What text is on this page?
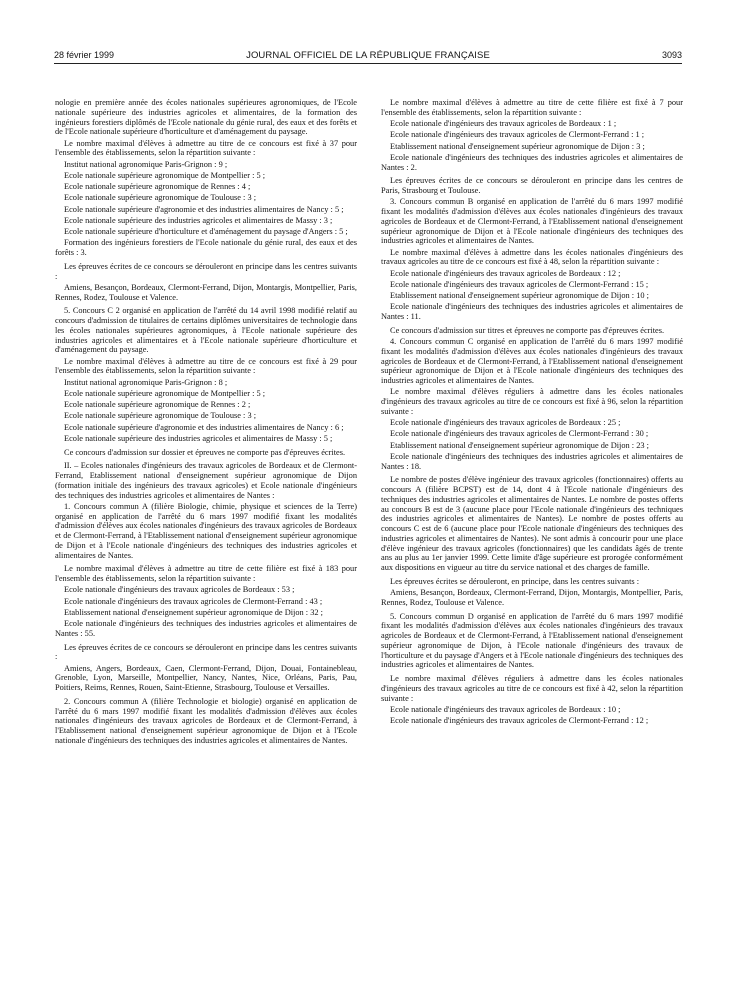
28 février 1999	JOURNAL OFFICIEL DE LA RÉPUBLIQUE FRANÇAISE	3093

nologie en première année des écoles nationales supérieures agronomiques, de l'Ecole nationale supérieure des industries agricoles et alimentaires, de la formation des ingénieurs forestiers diplômés de l'Ecole nationale du génie rural, des eaux et des forêts et de l'Ecole nationale supérieure d'horticulture et d'aménagement du paysage.

Le nombre maximal d'élèves à admettre au titre de ce concours est fixé à 37 pour l'ensemble des établissements, selon la répartition suivante :

Institut national agronomique Paris-Grignon : 9 ;

Ecole nationale supérieure agronomique de Montpellier : 5 ;

Ecole nationale supérieure agronomique de Rennes : 4 ;

Ecole nationale supérieure agronomique de Toulouse : 3 ;

Ecole nationale supérieure d'agronomie et des industries alimentaires de Nancy : 5 ;

Ecole nationale supérieure des industries agricoles et alimentaires de Massy : 3 ;

Ecole nationale supérieure d'horticulture et d'aménagement du paysage d'Angers : 5 ;

Formation des ingénieurs forestiers de l'Ecole nationale du génie rural, des eaux et des forêts : 3.

Les épreuves écrites de ce concours se dérouleront en principe dans les centres suivants :

Amiens, Besançon, Bordeaux, Clermont-Ferrand, Dijon, Montargis, Montpellier, Paris, Rennes, Rodez, Toulouse et Valence.

5. Concours C 2 organisé en application de l'arrêté du 14 avril 1998 modifié relatif au concours d'admission de titulaires de certains diplômes universitaires de technologie dans les écoles nationales supérieures agronomiques, à l'Ecole nationale supérieure des industries agricoles et alimentaires et à l'Ecole nationale supérieure d'horticulture et d'aménagement du paysage.

Le nombre maximal d'élèves à admettre au titre de ce concours est fixé à 29 pour l'ensemble des établissements, selon la répartition suivante :

Institut national agronomique Paris-Grignon : 8 ;

Ecole nationale supérieure agronomique de Montpellier : 5 ;

Ecole nationale supérieure agronomique de Rennes : 2 ;

Ecole nationale supérieure agronomique de Toulouse : 3 ;

Ecole nationale supérieure d'agronomie et des industries alimentaires de Nancy : 6 ;

Ecole nationale supérieure des industries agricoles et alimentaires de Massy : 5 ;

Ce concours d'admission sur dossier et épreuves ne comporte pas d'épreuves écrites.

II. – Ecoles nationales d'ingénieurs des travaux agricoles de Bordeaux et de Clermont-Ferrand, Etablissement national d'enseignement supérieur agronomique de Dijon (formation initiale des ingénieurs des travaux agricoles) et Ecole nationale d'ingénieurs des techniques des industries agricoles et alimentaires de Nantes :

1. Concours commun A (filière Biologie, chimie, physique et sciences de la Terre) organisé en application de l'arrêté du 6 mars 1997 modifié fixant les modalités d'admission d'élèves aux écoles nationales d'ingénieurs des travaux agricoles de Bordeaux et de Clermont-Ferrand, à l'Etablissement national d'enseignement supérieur agronomique de Dijon et à l'Ecole nationale d'ingénieurs des techniques des industries agricoles et alimentaires de Nantes.

Le nombre maximal d'élèves à admettre au titre de cette filière est fixé à 183 pour l'ensemble des établissements, selon la répartition suivante :

Ecole nationale d'ingénieurs des travaux agricoles de Bordeaux : 53 ;

Ecole nationale d'ingénieurs des travaux agricoles de Clermont-Ferrand : 43 ;

Etablissement national d'enseignement supérieur agronomique de Dijon : 32 ;

Ecole nationale d'ingénieurs des techniques des industries agricoles et alimentaires de Nantes : 55.

Les épreuves écrites de ce concours se dérouleront en principe dans les centres suivants :

Amiens, Angers, Bordeaux, Caen, Clermont-Ferrand, Dijon, Douai, Fontainebleau, Grenoble, Lyon, Marseille, Montpellier, Nancy, Nantes, Nice, Orléans, Paris, Pau, Poitiers, Reims, Rennes, Rouen, Saint-Etienne, Strasbourg, Toulouse et Versailles.

2. Concours commun A (filière Technologie et biologie) organisé en application de l'arrêté du 6 mars 1997 modifié fixant les modalités d'admission d'élèves aux écoles nationales d'ingénieurs des travaux agricoles de Bordeaux et de Clermont-Ferrand, à l'Etablissement national d'enseignement supérieur agronomique de Dijon et à l'Ecole nationale d'ingénieurs des techniques des industries agricoles et alimentaires de Nantes.

Le nombre maximal d'élèves à admettre au titre de cette filière est fixé à 7 pour l'ensemble des établissements, selon la répartition suivante :

Ecole nationale d'ingénieurs des travaux agricoles de Bordeaux : 1 ;

Ecole nationale d'ingénieurs des travaux agricoles de Clermont-Ferrand : 1 ;

Etablissement national d'enseignement supérieur agronomique de Dijon : 3 ;

Ecole nationale d'ingénieurs des techniques des industries agricoles et alimentaires de Nantes : 2.

Les épreuves écrites de ce concours se dérouleront en principe dans les centres de Paris, Strasbourg et Toulouse.

3. Concours commun B organisé en application de l'arrêté du 6 mars 1997 modifié fixant les modalités d'admission d'élèves aux écoles nationales d'ingénieurs des travaux agricoles de Bordeaux et de Clermont-Ferrand, à l'Etablissement national d'enseignement supérieur agronomique de Dijon et à l'Ecole nationale d'ingénieurs des techniques des industries agricoles et alimentaires de Nantes.

Le nombre maximal d'élèves à admettre dans les écoles nationales d'ingénieurs des travaux agricoles au titre de ce concours est fixé à 48, selon la répartition suivante :

Ecole nationale d'ingénieurs des travaux agricoles de Bordeaux : 12 ;

Ecole nationale d'ingénieurs des travaux agricoles de Clermont-Ferrand : 15 ;

Etablissement national d'enseignement supérieur agronomique de Dijon : 10 ;

Ecole nationale d'ingénieurs des techniques des industries agricoles et alimentaires de Nantes : 11.

Ce concours d'admission sur titres et épreuves ne comporte pas d'épreuves écrites.

4. Concours commun C organisé en application de l'arrêté du 6 mars 1997 modifié fixant les modalités d'admission d'élèves aux écoles nationales d'ingénieurs des travaux agricoles de Bordeaux et de Clermont-Ferrand, à l'Etablissement national d'enseignement supérieur agronomique de Dijon et à l'Ecole nationale d'ingénieurs des techniques des industries agricoles et alimentaires de Nantes.

Le nombre maximal d'élèves réguliers à admettre dans les écoles nationales d'ingénieurs des travaux agricoles au titre de ce concours est fixé à 96, selon la répartition suivante :

Ecole nationale d'ingénieurs des travaux agricoles de Bordeaux : 25 ;

Ecole nationale d'ingénieurs des travaux agricoles de Clermont-Ferrand : 30 ;

Etablissement national d'enseignement supérieur agronomique de Dijon : 23 ;

Ecole nationale d'ingénieurs des techniques des industries agricoles et alimentaires de Nantes : 18.

Le nombre de postes d'élève ingénieur des travaux agricoles (fonctionnaires) offerts au concours A (filière BCPST) est de 14, dont 4 à l'Ecole nationale d'ingénieurs des techniques des industries agricoles et alimentaires de Nantes. Le nombre de postes offerts au concours B est de 3 (aucune place pour l'Ecole nationale d'ingénieurs des techniques des industries agricoles et alimentaires de Nantes). Le nombre de postes offerts au concours C est de 6 (aucune place pour l'Ecole nationale d'ingénieurs des techniques des industries agricoles et alimentaires de Nantes). Ne sont admis à concourir pour une place d'élève ingénieur des travaux agricoles (fonctionnaires) que les candidats âgés de trente ans au plus au 1er janvier 1999. Cette limite d'âge supérieure est prorogée conformément aux dispositions en vigueur au titre du service national et des charges de famille.

Les épreuves écrites se dérouleront, en principe, dans les centres suivants :

Amiens, Besançon, Bordeaux, Clermont-Ferrand, Dijon, Montargis, Montpellier, Paris, Rennes, Rodez, Toulouse et Valence.

5. Concours commun D organisé en application de l'arrêté du 6 mars 1997 modifié fixant les modalités d'admission d'élèves aux écoles nationales d'ingénieurs des travaux agricoles de Bordeaux et de Clermont-Ferrand, à l'Etablissement national d'enseignement supérieur agronomique de Dijon, à l'Ecole nationale d'ingénieurs des travaux de l'horticulture et du paysage d'Angers et à l'Ecole nationale d'ingénieurs des techniques des industries agricoles et alimentaires de Nantes.

Le nombre maximal d'élèves réguliers à admettre dans les écoles nationales d'ingénieurs des travaux agricoles au titre de ce concours est fixé à 42, selon la répartition suivante :

Ecole nationale d'ingénieurs des travaux agricoles de Bordeaux : 10 ;

Ecole nationale d'ingénieurs des travaux agricoles de Clermont-Ferrand : 12 ;
